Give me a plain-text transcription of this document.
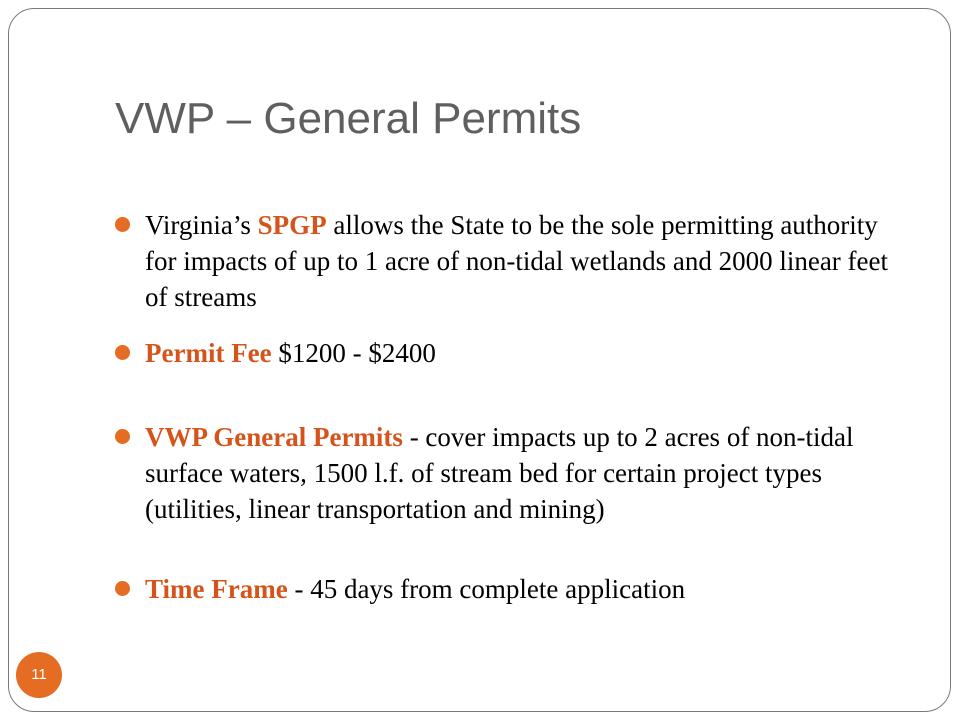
VWP – General Permits
Virginia’s SPGP allows the State to be the sole permitting authority for impacts of up to 1 acre of non-tidal wetlands and 2000 linear feet of streams
Permit Fee $1200 - $2400
VWP General Permits - cover impacts up to 2 acres of non-tidal surface waters, 1500 l.f. of stream bed for certain project types (utilities, linear transportation and mining)
Time Frame - 45 days from complete application
11
